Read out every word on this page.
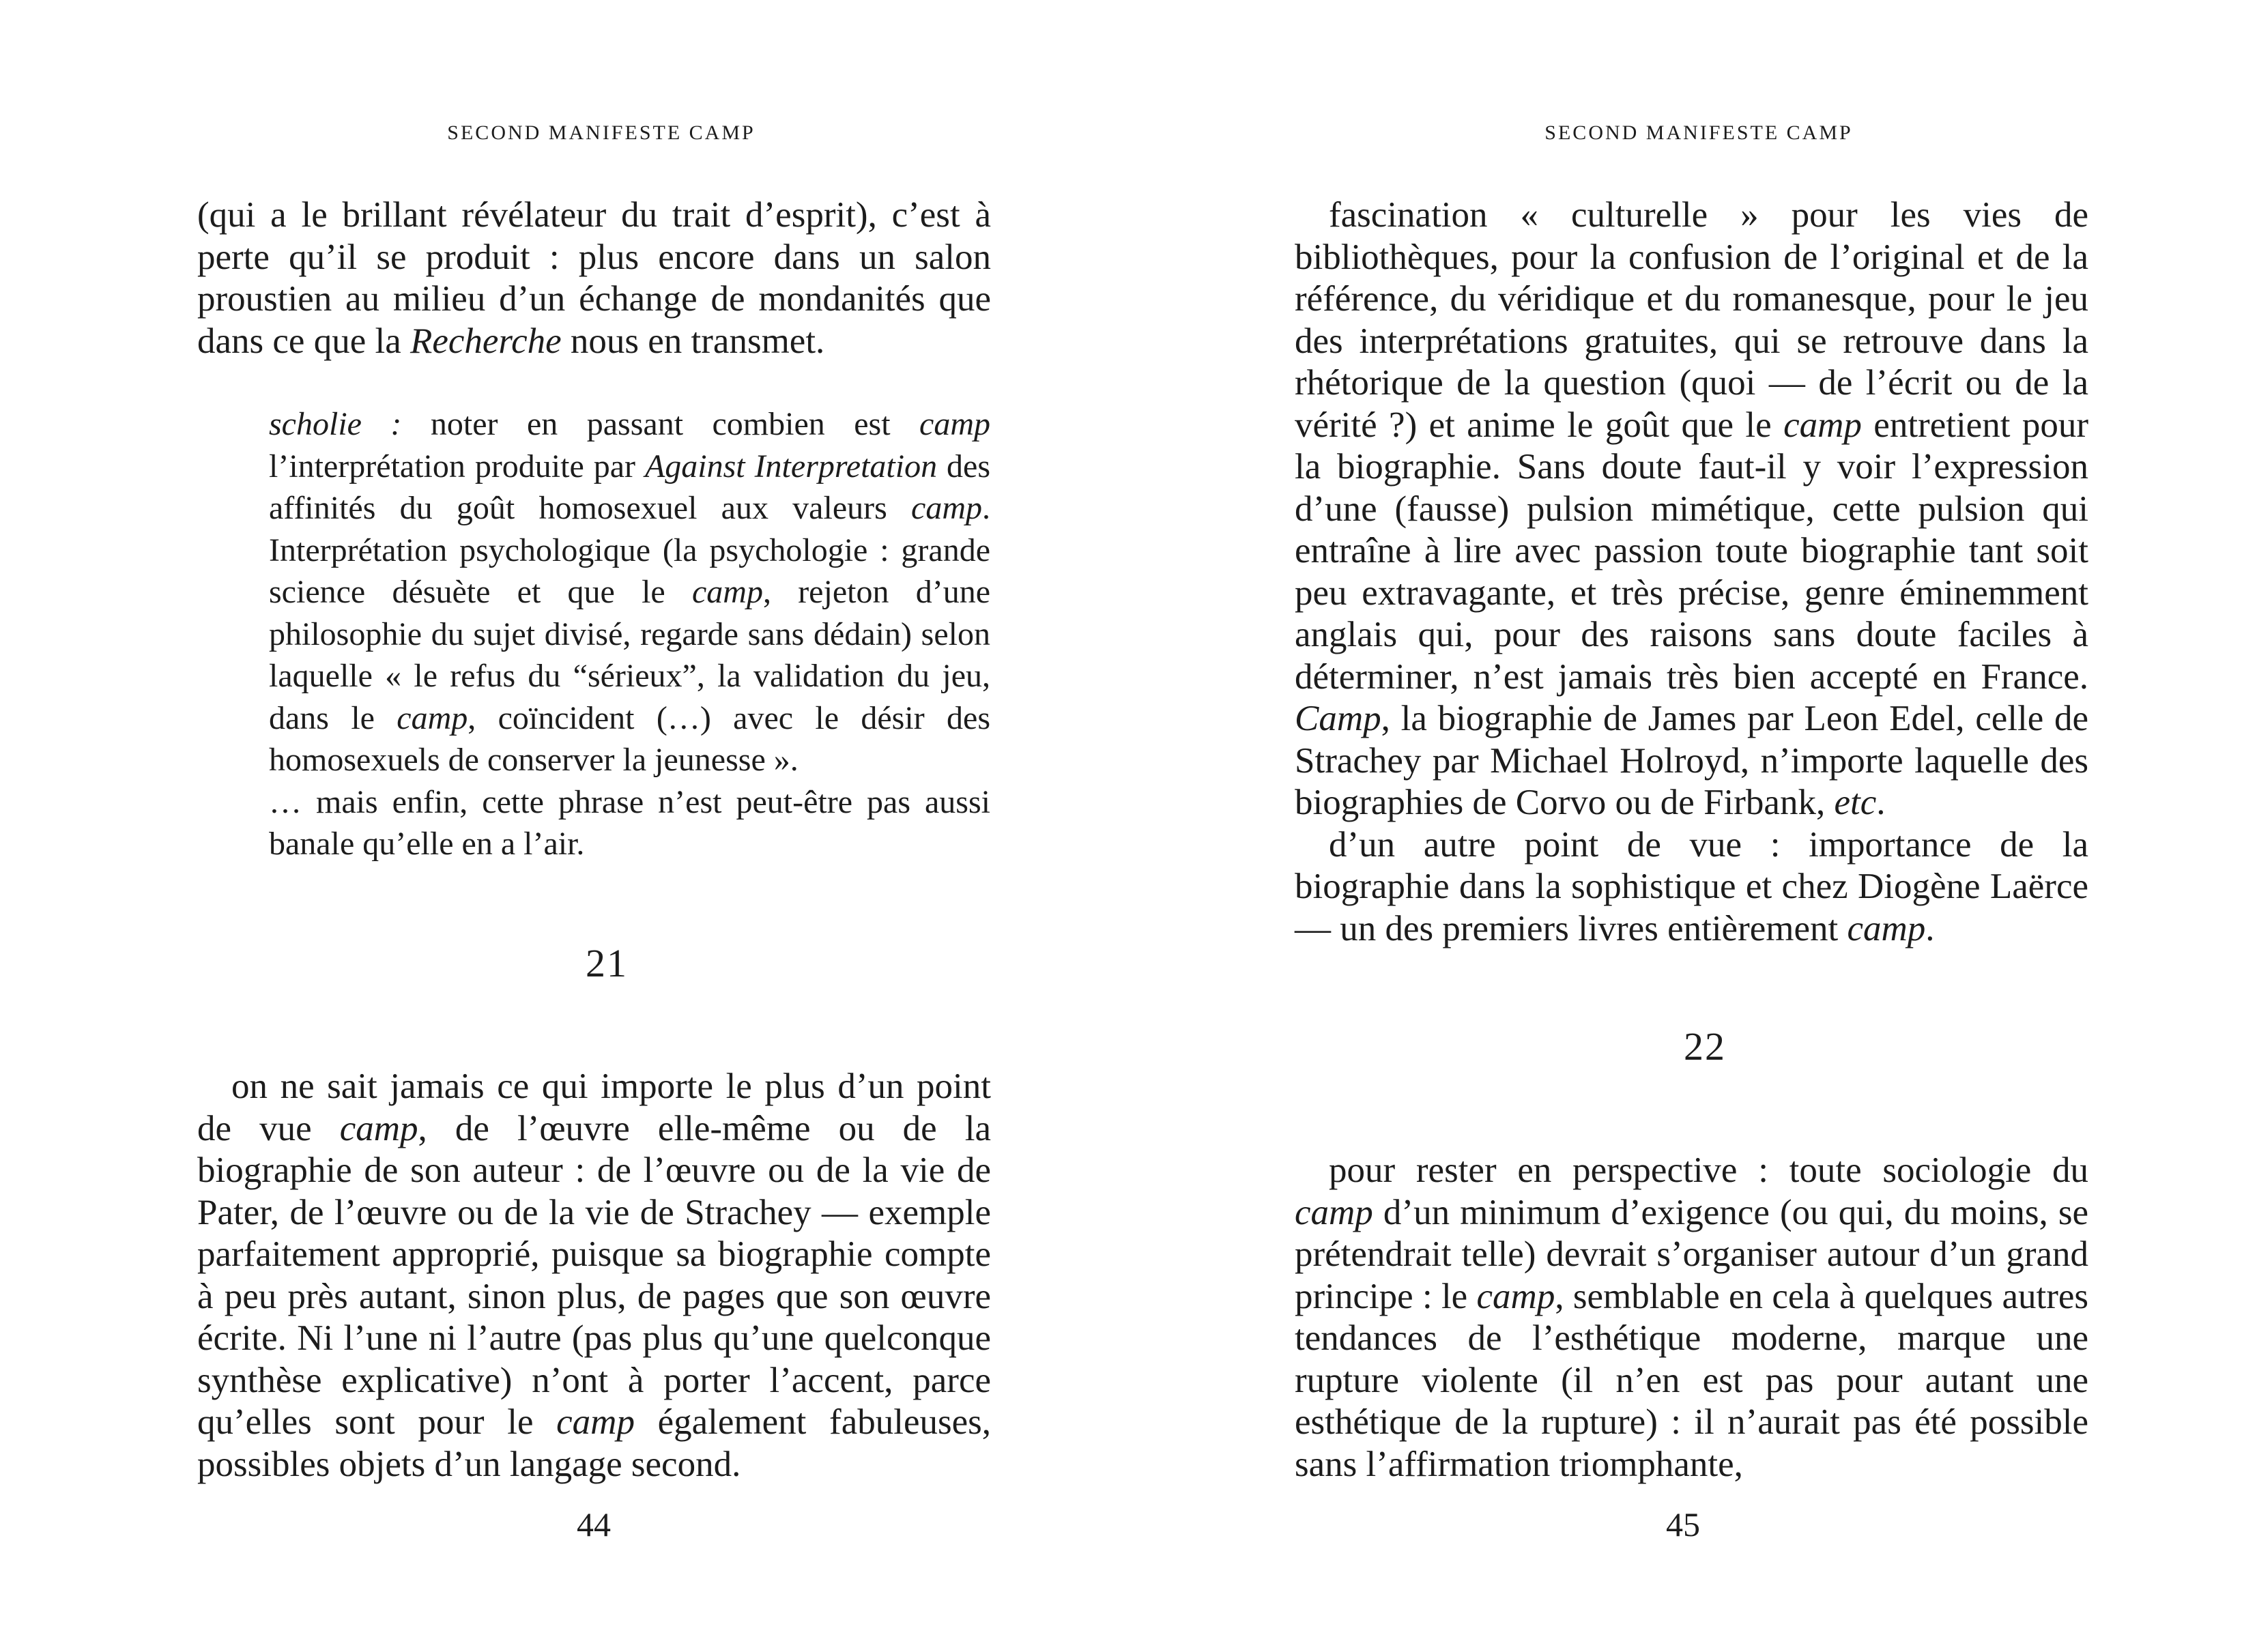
SECOND MANIFESTE CAMP

(qui a le brillant révélateur du trait d’esprit), c’est à perte qu’il se produit : plus encore dans un salon proustien au milieu d’un échange de mondanités que dans ce que la Recherche nous en transmet.

scholie : noter en passant combien est camp l’interprétation produite par Against Interpretation des affinités du goût homosexuel aux valeurs camp. Interprétation psychologique (la psychologie : grande science désuète et que le camp, rejeton d’une philosophie du sujet divisé, regarde sans dédain) selon laquelle « le refus du “sérieux”, la validation du jeu, dans le camp, coïncident (…) avec le désir des homosexuels de conserver la jeunesse ».

… mais enfin, cette phrase n’est peut-être pas aussi banale qu’elle en a l’air.

21

on ne sait jamais ce qui importe le plus d’un point de vue camp, de l’œuvre elle-même ou de la biographie de son auteur : de l’œuvre ou de la vie de Pater, de l’œuvre ou de la vie de Strachey — exemple parfaitement approprié, puisque sa biographie compte à peu près autant, sinon plus, de pages que son œuvre écrite. Ni l’une ni l’autre (pas plus qu’une quelconque synthèse explicative) n’ont à porter l’accent, parce qu’elles sont pour le camp également fabuleuses, possibles objets d’un langage second.

44
SECOND MANIFESTE CAMP

fascination « culturelle » pour les vies de bibliothèques, pour la confusion de l’original et de la référence, du véridique et du romanesque, pour le jeu des interprétations gratuites, qui se retrouve dans la rhétorique de la question (quoi — de l’écrit ou de la vérité ?) et anime le goût que le camp entretient pour la biographie. Sans doute faut-il y voir l’expression d’une (fausse) pulsion mimétique, cette pulsion qui entraîne à lire avec passion toute biographie tant soit peu extravagante, et très précise, genre éminemment anglais qui, pour des raisons sans doute faciles à déterminer, n’est jamais très bien accepté en France. Camp, la biographie de James par Leon Edel, celle de Strachey par Michael Holroyd, n’importe laquelle des biographies de Corvo ou de Firbank, etc.

d’un autre point de vue : importance de la biographie dans la sophistique et chez Diogène Laërce — un des premiers livres entièrement camp.

22

pour rester en perspective : toute sociologie du camp d’un minimum d’exigence (ou qui, du moins, se prétendrait telle) devrait s’organiser autour d’un grand principe : le camp, semblable en cela à quelques autres tendances de l’esthétique moderne, marque une rupture violente (il n’en est pas pour autant une esthétique de la rupture) : il n’aurait pas été possible sans l’affirmation triomphante,

45
